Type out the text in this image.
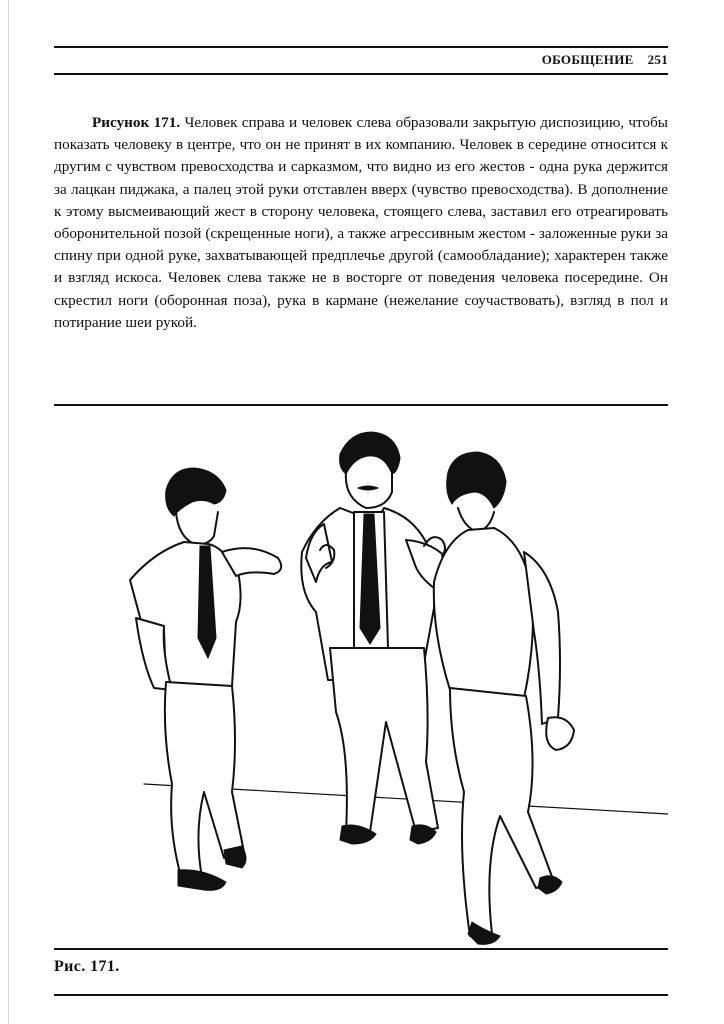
ОБОБЩЕНИЕ 251

Рисунок 171. Человек справа и человек слева образовали закрытую диспозицию, чтобы показать человеку в центре, что он не принят в их компанию. Человек в середине относится к другим с чувством превосходства и сарказмом, что видно из его жестов - одна рука держится за лацкан пиджака, а палец этой руки отставлен вверх (чувство превосходства). В дополнение к этому высмеивающий жест в сторону человека, стоящего слева, заставил его отреагировать оборонительной позой (скрещенные ноги), а также агрессивным жестом - заложенные руки за спину при одной руке, захватывающей предплечье другой (самообладание); характерен также и взгляд искоса. Человек слева также не в восторге от поведения человека посередине. Он скрестил ноги (оборонная поза), рука в кармане (нежелание соучаствовать), взгляд в пол и потирание шеи рукой.

Рис. 171.
